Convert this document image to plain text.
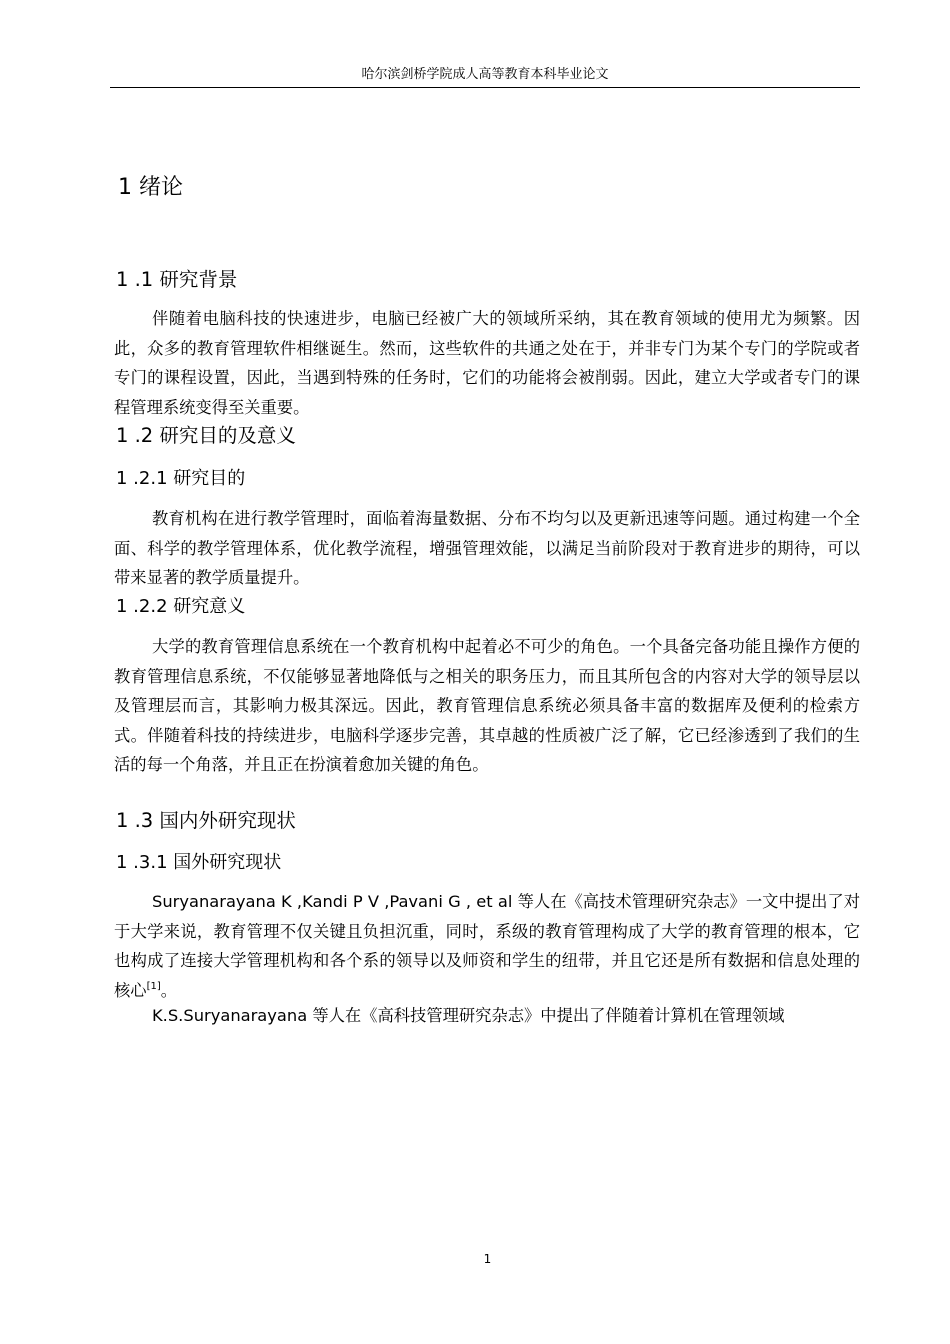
哈尔滨剑桥学院成人高等教育本科毕业论文
1 绪论
1 .1 研究背景

伴随着电脑科技的快速进步，电脑已经被广大的领域所采纳，其在教育领域的使用尤为频繁。因此，众多的教育管理软件相继诞生。然而，这些软件的共通之处在于，并非专门为某个专门的学院或者专门的课程设置，因此，当遇到特殊的任务时，它们的功能将会被削弱。因此，建立大学或者专门的课程管理系统变得至关重要。

1 .2 研究目的及意义
1 .2.1 研究目的

教育机构在进行教学管理时，面临着海量数据、分布不均匀以及更新迅速等问题。通过构建一个全面、科学的教学管理体系，优化教学流程，增强管理效能，以满足当前阶段对于教育进步的期待，可以带来显著的教学质量提升。

1 .2.2 研究意义

大学的教育管理信息系统在一个教育机构中起着必不可少的角色。一个具备完备功能且操作方便的教育管理信息系统，不仅能够显著地降低与之相关的职务压力，而且其所包含的内容对大学的领导层以及管理层而言，其影响力极其深远。因此，教育管理信息系统必须具备丰富的数据库及便利的检索方式。伴随着科技的持续进步，电脑科学逐步完善，其卓越的性质被广泛了解，它已经渗透到了我们的生活的每一个角落，并且正在扮演着愈加关键的角色。

1 .3 国内外研究现状
1 .3.1 国外研究现状

Suryanarayana K ,Kandi P V ,Pavani G , et al 等人在《高技术管理研究杂志》一文中提出了对于大学来说，教育管理不仅关键且负担沉重，同时，系级的教育管理构成了大学的教育管理的根本，它也构成了连接大学管理机构和各个系的领导以及师资和学生的纽带，并且它还是所有数据和信息处理的核心[1]。

K.S.Suryanarayana 等人在《高科技管理研究杂志》中提出了伴随着计算机在管理领域

1
